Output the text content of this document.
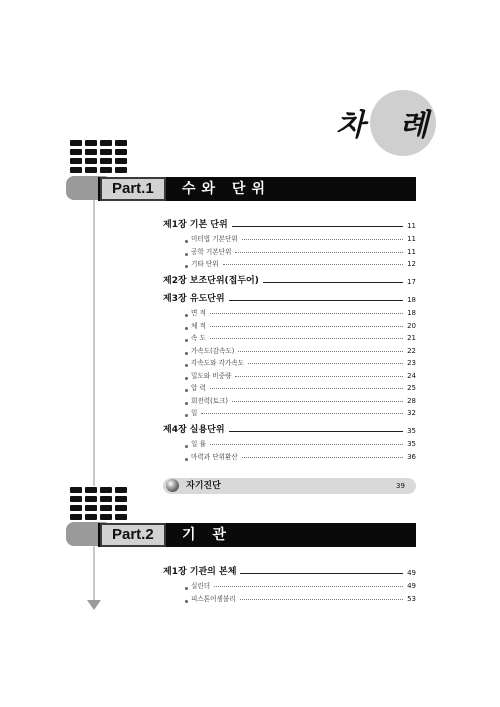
차 례
Part.1	수와 단위
제1장 기본 단위	11
미터법 기본단위	11
공학 기본단위	11
기타 단위	12
제2장 보조단위(접두어)	17
제3장 유도단위	18
면 적	18
체 적	20
속 도	21
가속도(감속도)	22
각속도와 각가속도	23
밀도와 비중량	24
압 력	25
회전력(토크)	28
일	32
제4장 실용단위	35
일 률	35
마력과 단위환산	36
자기진단	39
Part.2	기 관
제1장 기관의 본체	49
실린더	49
피스톤어셈블리	53
